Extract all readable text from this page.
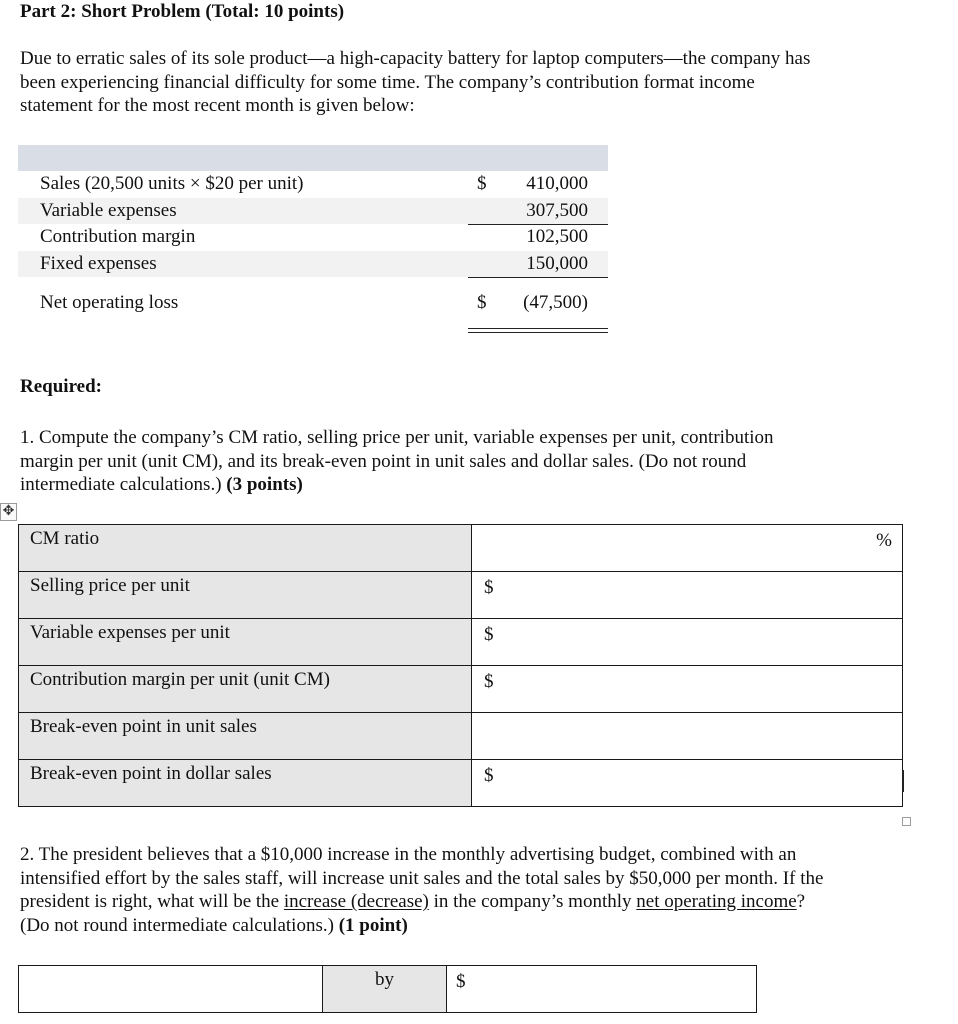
Part 2: Short Problem (Total: 10 points)
Due to erratic sales of its sole product—a high-capacity battery for laptop computers—the company has
been experiencing financial difficulty for some time. The company’s contribution format income
statement for the most recent month is given below:
Sales (20,500 units × $20 per unit)	$ 410,000
Variable expenses	307,500
Contribution margin	102,500
Fixed expenses	150,000
Net operating loss	$ (47,500)
Required:
1. Compute the company’s CM ratio, selling price per unit, variable expenses per unit, contribution
margin per unit (unit CM), and its break-even point in unit sales and dollar sales. (Do not round
intermediate calculations.) (3 points)
✥
CM ratio	%

Selling price per unit	$

Variable expenses per unit	$

Contribution margin per unit (unit CM)	$

Break-even point in unit sales	

Break-even point in dollar sales	$
2. The president believes that a $10,000 increase in the monthly advertising budget, combined with an
intensified effort by the sales staff, will increase unit sales and the total sales by $50,000 per month. If the
president is right, what will be the increase (decrease) in the company’s monthly net operating income?
(Do not round intermediate calculations.) (1 point)
	by	$
